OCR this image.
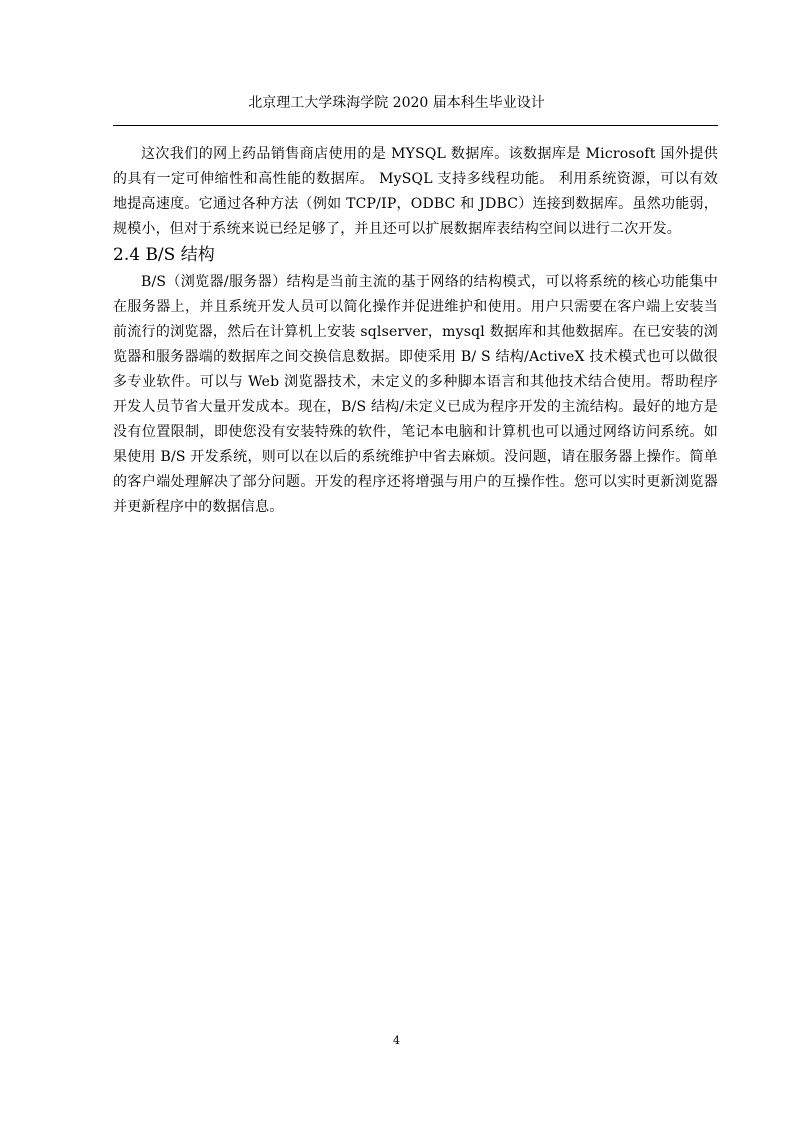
北京理工大学珠海学院 2020 届本科生毕业设计

这次我们的网上药品销售商店使用的是 MYSQL 数据库。该数据库是 Microsoft 国外提供的具有一定可伸缩性和高性能的数据库。 MySQL 支持多线程功能。 利用系统资源，可以有效地提高速度。它通过各种方法（例如 TCP/IP，ODBC 和 JDBC）连接到数据库。虽然功能弱，规模小，但对于系统来说已经足够了，并且还可以扩展数据库表结构空间以进行二次开发。

2.4 B/S 结构

B/S（浏览器/服务器）结构是当前主流的基于网络的结构模式，可以将系统的核心功能集中在服务器上，并且系统开发人员可以简化操作并促进维护和使用。用户只需要在客户端上安装当前流行的浏览器，然后在计算机上安装 sqlserver，mysql 数据库和其他数据库。在已安装的浏览器和服务器端的数据库之间交换信息数据。即使采用 B/ S 结构/ActiveX 技术模式也可以做很多专业软件。可以与 Web 浏览器技术，未定义的多种脚本语言和其他技术结合使用。帮助程序开发人员节省大量开发成本。现在，B/S 结构/未定义已成为程序开发的主流结构。最好的地方是没有位置限制，即使您没有安装特殊的软件，笔记本电脑和计算机也可以通过网络访问系统。如果使用 B/S 开发系统，则可以在以后的系统维护中省去麻烦。没问题，请在服务器上操作。简单的客户端处理解决了部分问题。开发的程序还将增强与用户的互操作性。您可以实时更新浏览器并更新程序中的数据信息。

4
